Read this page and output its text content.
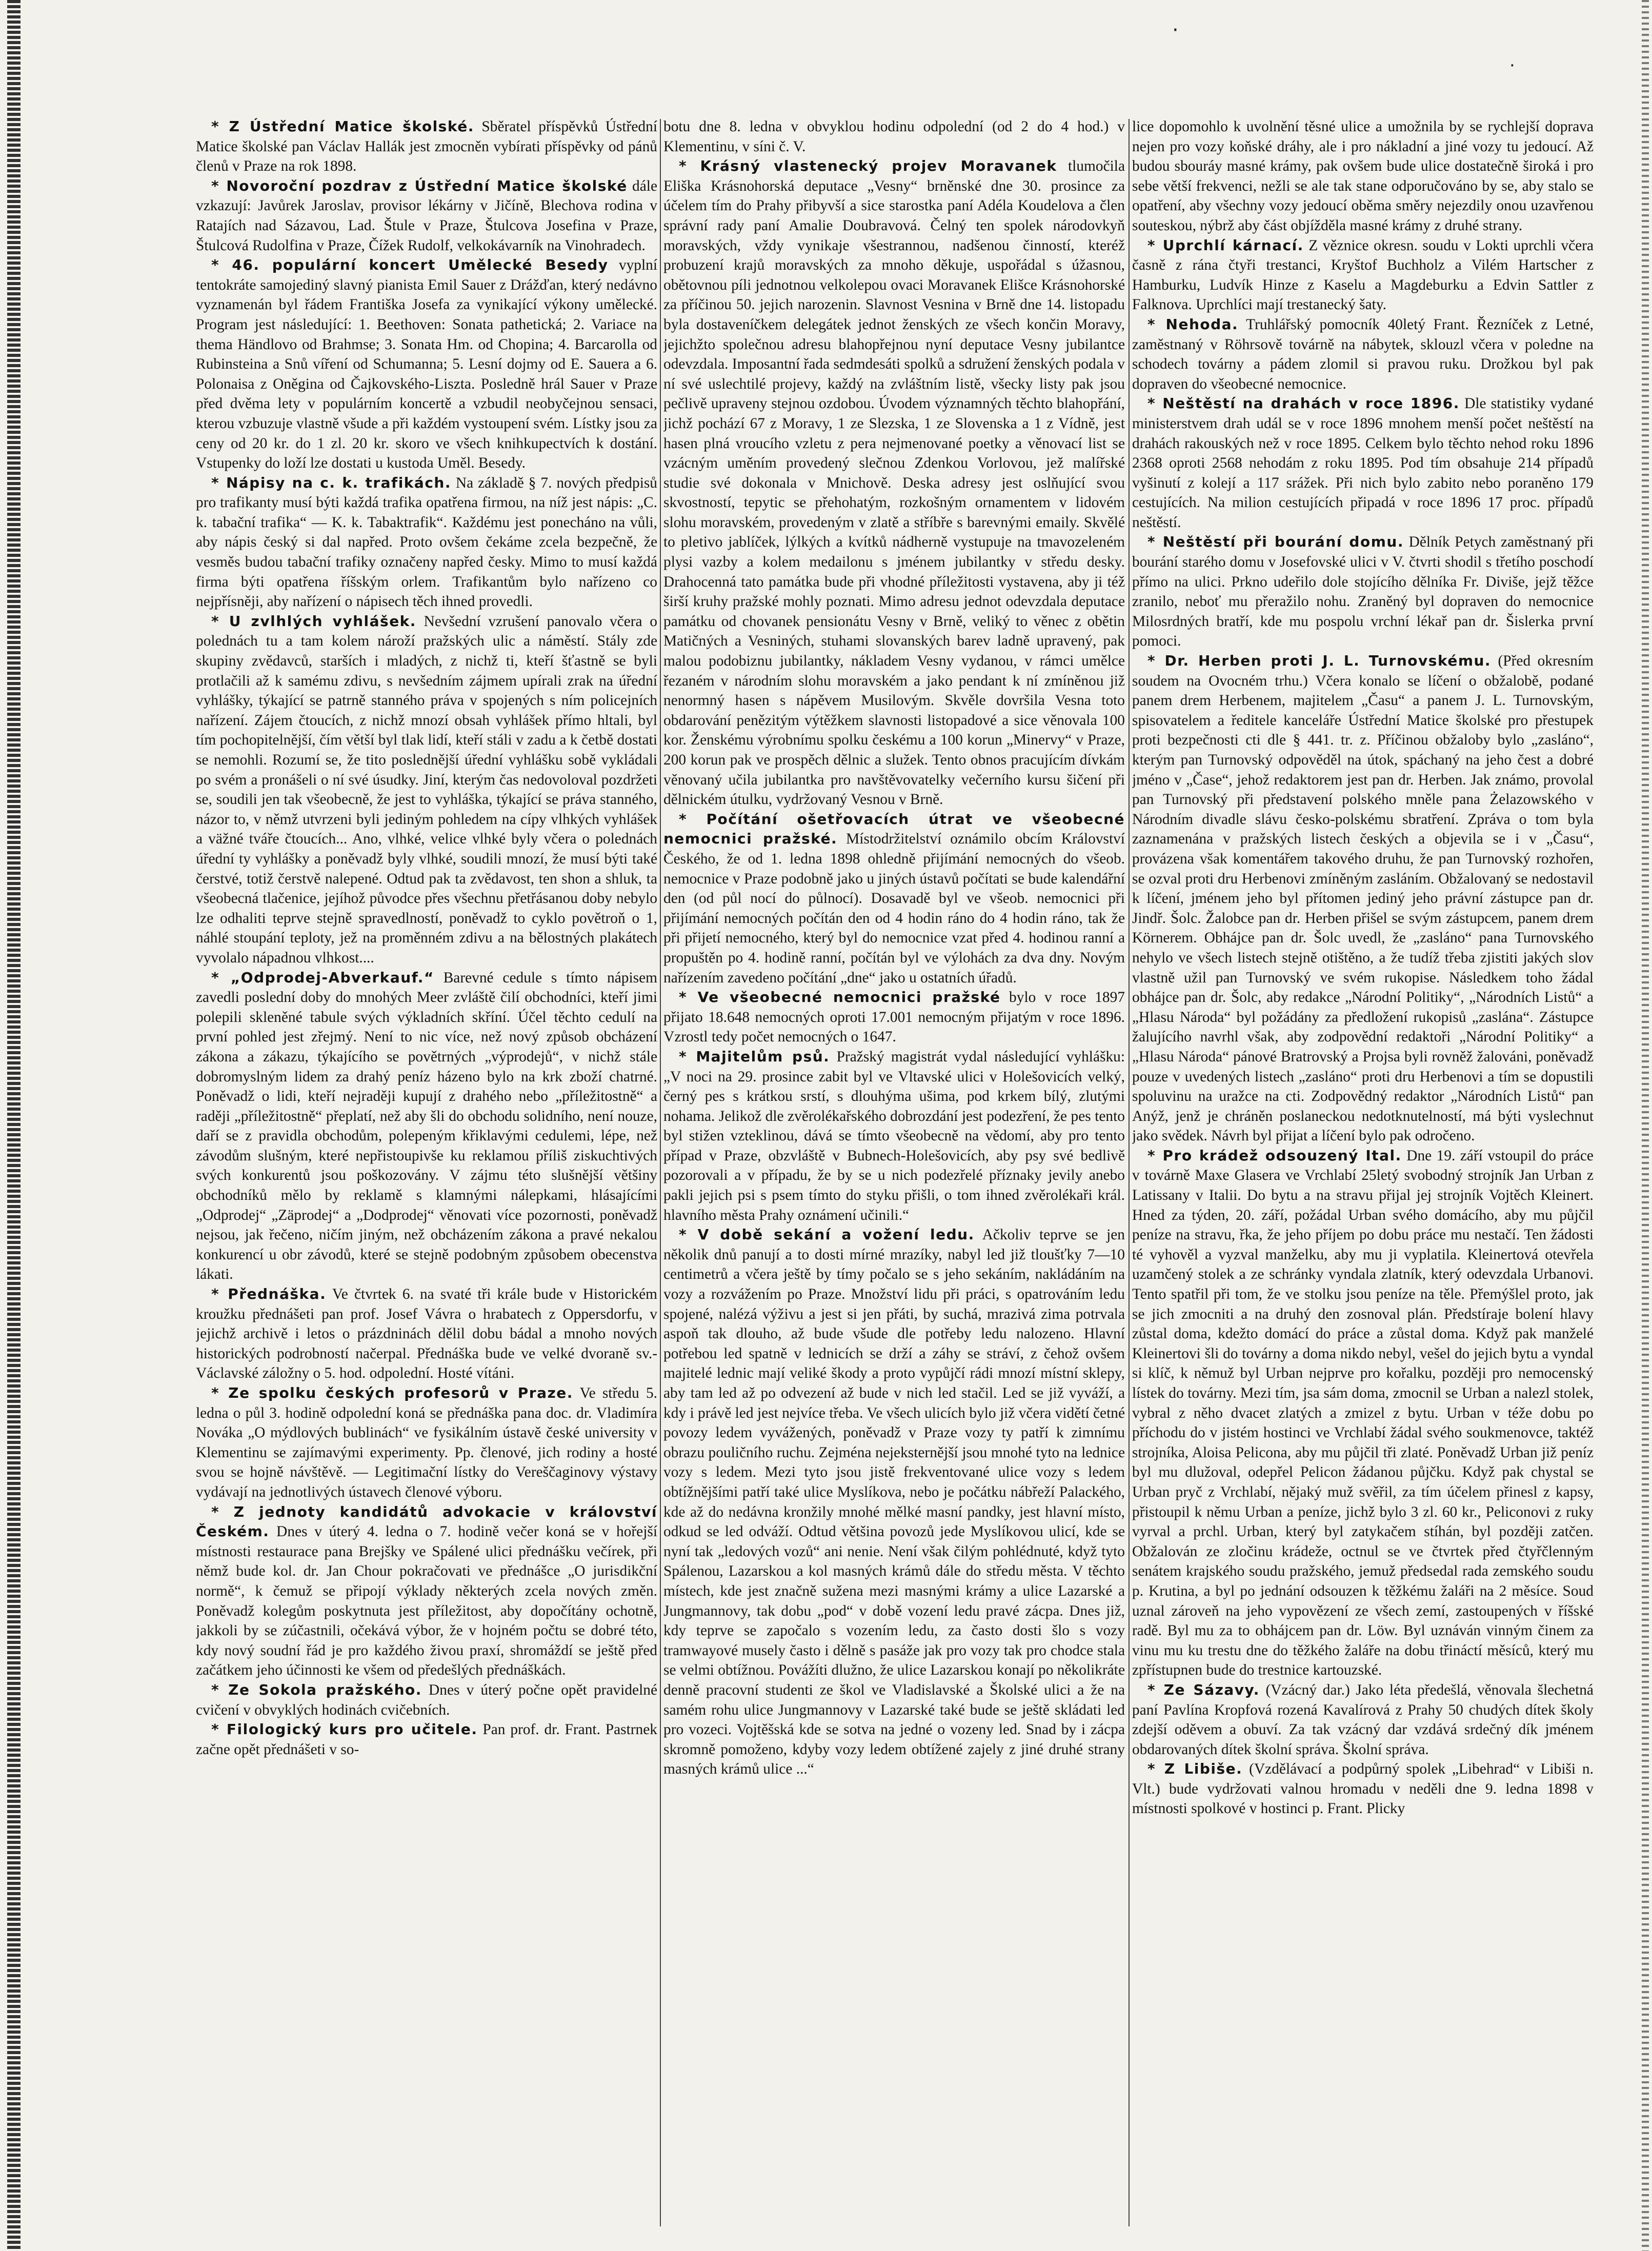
·
·

* Z Ústřední Matice školské. Sběratel příspěvků Ústřední Matice školské pan Václav Hallák jest zmocněn vybírati příspěvky od pánů členů v Praze na rok 1898.

* Novoroční pozdrav z Ústřední Matice školské dále vzkazují: Javůrek Jaroslav, provisor lékárny v Jičíně, Blechova rodina v Ratajích nad Sázavou, Lad. Štule v Praze, Štulcova Josefina v Praze, Štulcová Rudolfina v Praze, Čížek Rudolf, velkokávarník na Vinohradech.

* 46. populární koncert Umělecké Besedy vyplní tentokráte samojediný slavný pianista Emil Sauer z Drážďan, který nedávno vyznamenán byl řádem Františka Josefa za vynikající výkony umělecké. Program jest následující: 1. Beethoven: Sonata pathetická; 2. Variace na thema Händlovo od Brahmse; 3. Sonata Hm. od Chopina; 4. Barcarolla od Rubinsteina a Snů víření od Schumanna; 5. Lesní dojmy od E. Sauera a 6. Polonaisa z Oněgina od Čajkovského-Liszta. Posledně hrál Sauer v Praze před dvěma lety v populárním koncertě a vzbudil neobyčejnou sensaci, kterou vzbuzuje vlastně všude a při každém vystoupení svém. Lístky jsou za ceny od 20 kr. do 1 zl. 20 kr. skoro ve všech knihkupectvích k dostání. Vstupenky do loží lze dostati u kustoda Uměl. Besedy.

* Nápisy na c. k. trafikách. Na základě § 7. nových předpisů pro trafikanty musí býti každá trafika opatřena firmou, na níž jest nápis: „C. k. tabační trafika“ — K. k. Tabaktrafik“. Každému jest ponecháno na vůli, aby nápis český si dal napřed. Proto ovšem čekáme zcela bezpečně, že vesměs budou tabační trafiky označeny napřed česky. Mimo to musí každá firma býti opatřena říšským orlem. Trafikantům bylo nařízeno co nejpřísněji, aby nařízení o nápisech těch ihned provedli.

* U zvlhlých vyhlášek. Nevšední vzrušení panovalo včera o polednách tu a tam kolem nároží pražských ulic a náměstí. Stály zde skupiny zvědavců, starších i mladých, z nichž ti, kteří šťastně se byli protlačili až k samému zdivu, s nevšedním zájmem upírali zrak na úřední vyhlášky, týkající se patrně stanného práva v spojených s ním policejních nařízení. Zájem čtoucích, z nichž mnozí obsah vyhlášek přímo hltali, byl tím pochopitelnější, čím větší byl tlak lidí, kteří stáli v zadu a k četbě dostati se nemohli. Rozumí se, že tito poslednější úřední vyhlášku sobě vykládali po svém a pronášeli o ní své úsudky. Jiní, kterým čas nedovoloval pozdržeti se, soudili jen tak všeobecně, že jest to vyhláška, týkající se práva stanného, názor to, v němž utvrzeni byli jediným pohledem na cípy vlhkých vyhlášek a väžné tváře čtoucích... Ano, vlhké, velice vlhké byly včera o polednách úřední ty vyhlášky a poněvadž byly vlhké, soudili mnozí, že musí býti také čerstvé, totiž čerstvě nalepené. Odtud pak ta zvědavost, ten shon a shluk, ta všeobecná tlačenice, jejíhož původce přes všechnu přetřásanou doby nebylo lze odhaliti teprve stejně spravedlností, poněvadž to cyklo povětroň o 1, náhlé stoupání teploty, jež na proměnném zdivu a na bělostných plakátech vyvolalo nápadnou vlhkost....

* „Odprodej-Abverkauf.“ Barevné cedule s tímto nápisem zavedli poslední doby do mnohých Meer zvláště čilí obchodníci, kteří jimi polepili skleněné tabule svých výkladních skříní. Účel těchto cedulí na první pohled jest zřejmý. Není to nic více, než nový způsob obcházení zákona a zákazu, týkajícího se povětrných „výprodejů“, v nichž stále dobromyslným lidem za drahý peníz házeno bylo na krk zboží chatrné. Poněvadž o lidi, kteří nejraději kupují z drahého nebo „příležitostně“ a raději „příležitostně“ přeplatí, než aby šli do obchodu solidního, není nouze, daří se z pravidla obchodům, polepeným křiklavými cedulemi, lépe, než závodům slušným, které nepřistoupivše ku reklamou příliš ziskuchtivých svých konkurentů jsou poškozovány. V zájmu této slušnější většiny obchodníků mělo by reklamě s klamnými nálepkami, hlásajícími „Odprodej“ „Zäprodej“ a „Dodprodej“ věnovati více pozornosti, poněvadž nejsou, jak řečeno, ničím jiným, než obcházením zákona a pravé nekalou konkurencí u obr závodů, které se stejně podobným způsobem obecenstva lákati.

* Přednáška. Ve čtvrtek 6. na svaté tři krále bude v Historickém kroužku přednášeti pan prof. Josef Vávra o hrabatech z Oppersdorfu, v jejichž archivě i letos o prázdninách dělil dobu bádal a mnoho nových historických podrobností načerpal. Přednáška bude ve velké dvoraně sv.-Václavské záložny o 5. hod. odpolední. Hosté vítáni.

* Ze spolku českých profesorů v Praze. Ve středu 5. ledna o půl 3. hodině odpolední koná se přednáška pana doc. dr. Vladimíra Nováka „O mýdlových bublinách“ ve fysikálním ústavě české university v Klementinu se zajímavými experimenty. Pp. členové, jich rodiny a hosté svou se hojně návštěvě. — Legitimační lístky do Vereščaginovy výstavy vydávají na jednotlivých ústavech členové výboru.

* Z jednoty kandidátů advokacie v království Českém. Dnes v úterý 4. ledna o 7. hodině večer koná se v hořejší místnosti restaurace pana Brejšky ve Spálené ulici přednášku večírek, při němž bude kol. dr. Jan Chour pokračovati ve přednášce „O jurisdikční normě“, k čemuž se připojí výklady některých zcela nových změn. Poněvadž kolegům poskytnuta jest příležitost, aby dopočítány ochotně, jakkoli by se zúčastnili, očekává výbor, že v hojném počtu se dobré této, kdy nový soudní řád je pro každého živou praxí, shromáždí se ještě před začátkem jeho účinnosti ke všem od předešlých přednáškách.

* Ze Sokola pražského. Dnes v úterý počne opět pravidelné cvičení v obvyklých hodinách cvičebních.

* Filologický kurs pro učitele. Pan prof. dr. Frant. Pastrnek začne opět přednášeti v so-

botu dne 8. ledna v obvyklou hodinu odpolední (od 2 do 4 hod.) v Klementinu, v síni č. V.

* Krásný vlastenecký projev Moravanek tlumočila Eliška Krásnohorská deputace „Vesny“ brněnské dne 30. prosince za účelem tím do Prahy přibyvší a sice starostka paní Adéla Koudelova a člen správní rady paní Amalie Doubravová. Čelný ten spolek národovkyň moravských, vždy vynikaje všestrannou, nadšenou činností, kteréž probuzení krajů moravských za mnoho děkuje, uspořádal s úžasnou, obětovnou píli jednotnou velkolepou ovaci Moravanek Elišce Krásnohorské za příčinou 50. jejich narozenin. Slavnost Vesnina v Brně dne 14. listopadu byla dostaveníčkem delegátek jednot ženských ze všech končin Moravy, jejichžto společnou adresu blahopřejnou nyní deputace Vesny jubilantce odevzdala. Imposantní řada sedmdesáti spolků a sdružení ženských podala v ní své uslechtilé projevy, každý na zvláštním listě, všecky listy pak jsou pečlivě upraveny stejnou ozdobou. Úvodem významných těchto blahopřání, jichž pochází 67 z Moravy, 1 ze Slezska, 1 ze Slovenska a 1 z Vídně, jest hasen plná vroucího vzletu z pera nejmenované poetky a věnovací list se vzácným uměním provedený slečnou Zdenkou Vorlovou, jež malířské studie své dokonala v Mnichově. Deska adresy jest oslňující svou skvostností, tepytic se přehohatým, rozkošným ornamentem v lidovém slohu moravském, provedeným v zlatě a stříbře s barevnými emaily. Skvělé to pletivo jablíček, lýlkých a kvítků nádherně vystupuje na tmavozeleném plysi vazby a kolem medailonu s jménem jubilantky v středu desky. Drahocenná tato památka bude při vhodné příležitosti vystavena, aby ji též širší kruhy pražské mohly poznati. Mimo adresu jednot odevzdala deputace památku od chovanek pensionátu Vesny v Brně, veliký to věnec z obětin Matičných a Vesniných, stuhami slovanských barev ladně upravený, pak malou podobiznu jubilantky, nákladem Vesny vydanou, v rámci umělce řezaném v národním slohu moravském a jako pendant k ní zmíněnou již nenormný hasen s nápěvem Musilovým. Skvěle dovršila Vesna toto obdarování penězitým výtěžkem slavnosti listopadové a sice věnovala 100 kor. Ženskému výrobnímu spolku českému a 100 korun „Minervy“ v Praze, 200 korun pak ve prospěch dělnic a služek. Tento obnos pracujícím dívkám věnovaný učila jubilantka pro navštěvovatelky večerního kursu šičení při dělnickém útulku, vydržovaný Vesnou v Brně.

* Počítání ošetřovacích útrat ve všeobecné nemocnici pražské. Místodržitelství oznámilo obcím Království Českého, že od 1. ledna 1898 ohledně přijímání nemocných do všeob. nemocnice v Praze podobně jako u jiných ústavů počítati se bude kalendářní den (od půl nocí do půlnocí). Dosavadě byl ve všeob. nemocnici při přijímání nemocných počítán den od 4 hodin ráno do 4 hodin ráno, tak že při přijetí nemocného, který byl do nemocnice vzat před 4. hodinou ranní a propuštěn po 4. hodině ranní, počítán byl ve výlohách za dva dny. Novým nařízením zavedeno počítání „dne“ jako u ostatních úřadů.

* Ve všeobecné nemocnici pražské bylo v roce 1897 přijato 18.648 nemocných oproti 17.001 nemocným přijatým v roce 1896. Vzrostl tedy počet nemocných o 1647.

* Majitelům psů. Pražský magistrát vydal následující vyhlášku: „V noci na 29. prosince zabit byl ve Vltavské ulici v Holešovicích velký, černý pes s krátkou srstí, s dlouhýma ušima, pod krkem bílý, zlutými nohama. Jelikož dle zvěrolékařského dobrozdání jest podezření, že pes tento byl stižen vzteklinou, dává se tímto všeobecně na vědomí, aby pro tento případ v Praze, obzvláště v Bubnech-Holešovicích, aby psy své bedlivě pozorovali a v případu, že by se u nich podezřelé příznaky jevily anebo pakli jejich psi s psem tímto do styku přišli, o tom ihned zvěrolékaři král. hlavního města Prahy oznámení učinili.“

* V době sekání a vožení ledu. Ačkoliv teprve se jen několik dnů panují a to dosti mírné mrazíky, nabyl led již tloušťky 7—10 centimetrů a včera ještě by tímy počalo se s jeho sekáním, nakládáním na vozy a rozvážením po Praze. Množství lidu při práci, s opatrováním ledu spojené, nalézá výživu a jest si jen přáti, by suchá, mrazivá zima potrvala aspoň tak dlouho, až bude všude dle potřeby ledu nalozeno. Hlavní potřebou led spatně v lednicích se drží a záhy se stráví, z čehož ovšem majitelé lednic mají veliké škody a proto vypůjčí rádi mnozí místní sklepy, aby tam led až po odvezení až bude v nich led stačil. Led se již vyváží, a kdy i právě led jest nejvíce třeba. Ve všech ulicích bylo již včera vidětí četné povozy ledem vyvážených, poněvadž v Praze vozy ty patří k zimnímu obrazu pouličního ruchu. Zejména nejeksternější jsou mnohé tyto na lednice vozy s ledem. Mezi tyto jsou jistě frekventované ulice vozy s ledem obtížnějšími patří také ulice Myslíkova, nebo je počátku nábřeží Palackého, kde až do nedávna kronžily mnohé mělké masní pandky, jest hlavní místo, odkud se led odváží. Odtud většina povozů jede Myslíkovou ulicí, kde se nyní tak „ledových vozů“ ani nenie. Není však čilým pohlédnuté, když tyto Spálenou, Lazarskou a kol masných krámů dále do středu města. V těchto místech, kde jest značně sužena mezi masnými krámy a ulice Lazarské a Jungmannovy, tak dobu „pod“ v době vození ledu pravé zácpa. Dnes již, kdy teprve se započalo s vozením ledu, za často dosti šlo s vozy tramwayové musely často i dělně s pasáže jak pro vozy tak pro chodce stala se velmi obtížnou. Povážíti dlužno, že ulice Lazarskou konají po několikráte denně pracovní studenti ze škol ve Vladislavské a Školské ulici a že na samém rohu ulice Jungmannovy v Lazarské také bude se ještě skládati led pro vozeci. Vojtěšská kde se sotva na jedné o vozeny led. Snad by i zácpa skromně pomoženo, kdyby vozy ledem obtížené zajely z jiné druhé strany masných krámů ulice ...“

lice dopomohlo k uvolnění těsné ulice a umožnila by se rychlejší doprava nejen pro vozy koňské dráhy, ale i pro nákladní a jiné vozy tu jedoucí. Až budou sbouráy masné krámy, pak ovšem bude ulice dostatečně široká i pro sebe větší frekvenci, nežli se ale tak stane odporučováno by se, aby stalo se opatření, aby všechny vozy jedoucí oběma směry nejezdily onou uzavřenou souteskou, nýbrž aby část objížděla masné krámy z druhé strany.

* Uprchlí kárnací. Z věznice okresn. soudu v Lokti uprchli včera časně z rána čtyři trestanci, Kryštof Buchholz a Vilém Hartscher z Hamburku, Ludvík Hinze z Kaselu a Magdeburku a Edvin Sattler z Falknova. Uprchlíci mají trestanecký šaty.

* Nehoda. Truhlářský pomocník 40letý Frant. Řezníček z Letné, zaměstnaný v Röhrsově továrně na nábytek, sklouzl včera v poledne na schodech továrny a pádem zlomil si pravou ruku. Drožkou byl pak dopraven do všeobecné nemocnice.

* Neštěstí na drahách v roce 1896. Dle statistiky vydané ministerstvem drah udál se v roce 1896 mnohem menší počet neštěstí na drahách rakouských než v roce 1895. Celkem bylo těchto nehod roku 1896 2368 oproti 2568 nehodám z roku 1895. Pod tím obsahuje 214 případů vyšinutí z kolejí a 117 srážek. Při nich bylo zabito nebo poraněno 179 cestujících. Na milion cestujících připadá v roce 1896 17 proc. případů neštěstí.

* Neštěstí při bourání domu. Dělník Petych zaměstnaný při bourání starého domu v Josefovské ulici v V. čtvrti shodil s třetího poschodí přímo na ulici. Prkno udeřilo dole stojícího dělníka Fr. Diviše, jejž těžce zranilo, neboť mu přeražilo nohu. Zraněný byl dopraven do nemocnice Milosrdných bratří, kde mu pospolu vrchní lékař pan dr. Šislerka první pomoci.

* Dr. Herben proti J. L. Turnovskému. (Před okresním soudem na Ovocném trhu.) Včera konalo se líčení o obžalobě, podané panem drem Herbenem, majitelem „Času“ a panem J. L. Turnovským, spisovatelem a ředitele kanceláře Ústřední Matice školské pro přestupek proti bezpečnosti cti dle § 441. tr. z. Příčinou obžaloby bylo „zasláno“, kterým pan Turnovský odpověděl na útok, spáchaný na jeho čest a dobré jméno v „Čase“, jehož redaktorem jest pan dr. Herben. Jak známo, provolal pan Turnovský při představení polského mněle pana Żelazowského v Národním divadle slávu česko-polskému sbratření. Zpráva o tom byla zaznamenána v pražských listech českých a objevila se i v „Času“, provázena však komentářem takového druhu, že pan Turnovský rozhořen, se ozval proti dru Herbenovi zmíněným zasláním. Obžalovaný se nedostavil k líčení, jménem jeho byl přítomen jediný jeho právní zástupce pan dr. Jindř. Šolc. Žalobce pan dr. Herben přišel se svým zástupcem, panem drem Körnerem. Obhájce pan dr. Šolc uvedl, že „zasláno“ pana Turnovského nehylo ve všech listech stejně otištěno, a že tudíž třeba zjistiti jakých slov vlastně užil pan Turnovský ve svém rukopise. Následkem toho žádal obhájce pan dr. Šolc, aby redakce „Národní Politiky“, „Národních Listů“ a „Hlasu Národa“ byl požádány za předložení rukopisů „zaslána“. Zástupce žalujícího navrhl však, aby zodpovědní redaktoři „Národní Politiky“ a „Hlasu Národa“ pánové Bratrovský a Projsa byli rovněž žalováni, poněvadž pouze v uvedených listech „zasláno“ proti dru Herbenovi a tím se dopustili spoluvinu na uražce na cti. Zodpovědný redaktor „Národních Listů“ pan Anýž, jenž je chráněn poslaneckou nedotknutelností, má býti vyslechnut jako svědek. Návrh byl přijat a líčení bylo pak odročeno.

* Pro krádež odsouzený Ital. Dne 19. září vstoupil do práce v továrně Maxe Glasera ve Vrchlabí 25letý svobodný strojník Jan Urban z Latissany v Italii. Do bytu a na stravu přijal jej strojník Vojtěch Kleinert. Hned za týden, 20. září, požádal Urban svého domácího, aby mu půjčil peníze na stravu, řka, že jeho příjem po dobu práce mu nestačí. Ten žádosti té vyhověl a vyzval manželku, aby mu ji vyplatila. Kleinertová otevřela uzamčený stolek a ze schránky vyndala zlatník, který odevzdala Urbanovi. Tento spatřil při tom, že ve stolku jsou peníze na těle. Přemýšlel proto, jak se jich zmocniti a na druhý den zosnoval plán. Předstíraje bolení hlavy zůstal doma, kdežto domácí do práce a zůstal doma. Když pak manželé Kleinertovi šli do továrny a doma nikdo nebyl, vešel do jejich bytu a vyndal si klíč, k němuž byl Urban nejprve pro kořalku, později pro nemocenský lístek do továrny. Mezi tím, jsa sám doma, zmocnil se Urban a nalezl stolek, vybral z něho dvacet zlatých a zmizel z bytu. Urban v téže dobu po příchodu do v jistém hostinci ve Vrchlabí žádal svého soukmenovce, taktéž strojníka, Aloisa Pelicona, aby mu půjčil tři zlaté. Poněvadž Urban již peníz byl mu dlužoval, odepřel Pelicon žádanou půjčku. Když pak chystal se Urban pryč z Vrchlabí, nějaký muž svěřil, za tím účelem přinesl z kapsy, přistoupil k němu Urban a peníze, jichž bylo 3 zl. 60 kr., Peliconovi z ruky vyrval a prchl. Urban, který byl zatykačem stíhán, byl později zatčen. Obžalován ze zločinu krádeže, octnul se ve čtvrtek před čtyřčlenným senátem krajského soudu pražského, jemuž předsedal rada zemského soudu p. Krutina, a byl po jednání odsouzen k těžkému žaláři na 2 měsíce. Soud uznal zároveň na jeho vypovězení ze všech zemí, zastoupených v říšské radě. Byl mu za to obhájcem pan dr. Löw. Byl uznáván vinným činem za vinu mu ku trestu dne do těžkého žaláře na dobu třináctí měsíců, který mu zpřístupnen bude do trestnice kartouzské.

* Ze Sázavy. (Vzácný dar.) Jako léta předešlá, věnovala šlechetná paní Pavlína Kropfová rozená Kavalírová z Prahy 50 chudých dítek školy zdejší oděvem a obuví. Za tak vzácný dar vzdává srdečný dík jménem obdarovaných dítek školní správa. Školní správa.

* Z Libiše. (Vzdělávací a podpůrný spolek „Libehrad“ v Libiši n. Vlt.) bude vydržovati valnou hromadu v neděli dne 9. ledna 1898 v místnosti spolkové v hostinci p. Frant. Plicky
